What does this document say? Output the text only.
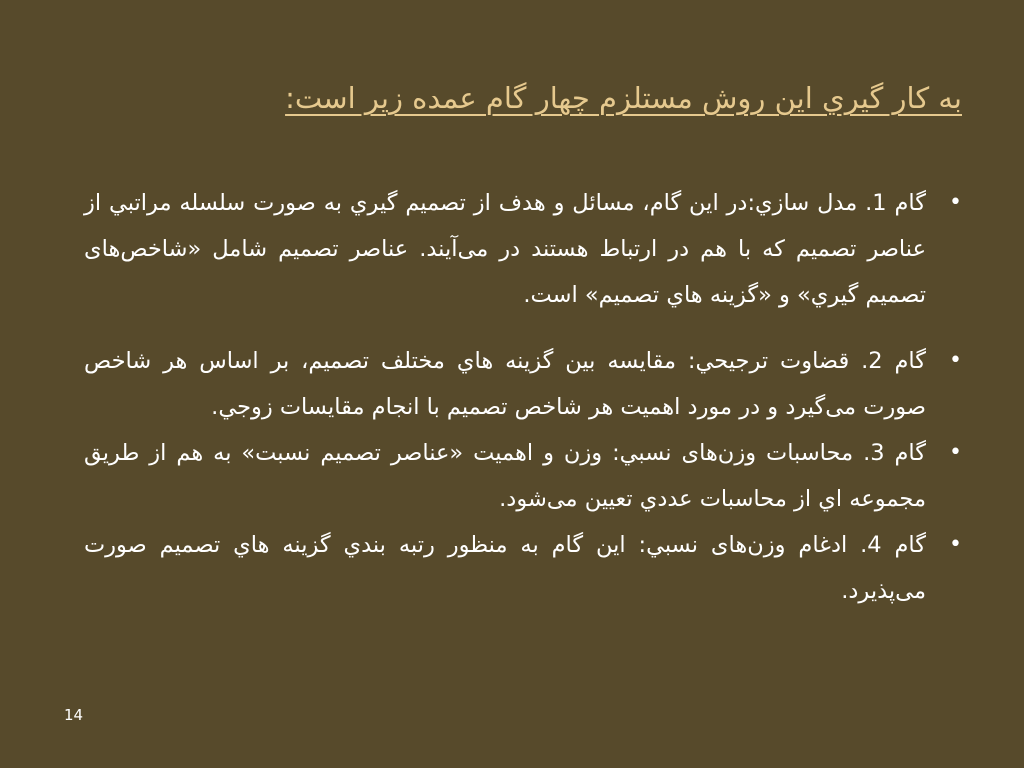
به کار گيري اين روش مستلزم چهار گام عمده زير است:
•
گام 1. مدل سازي:در اين گام، مسائل و هدف از تصميم گيري به صورت سلسله مراتبي از عناصر تصميم كه با هم در ارتباط هستند در می‌آيند. عناصر تصميم شامل «شاخص‌های تصميم گيري» و «گزينه هاي تصميم» است.
•
گام 2. قضاوت ترجيحي: مقايسه بين گزينه هاي مختلف تصميم، بر اساس هر شاخص صورت می‌گيرد و در مورد اهميت هر شاخص تصميم با انجام مقايسات زوجي.
•
گام 3. محاسبات وزن‌های نسبي: وزن و اهميت «عناصر تصميم نسبت» به هم از طريق مجموعه اي از محاسبات عددي تعيين می‌شود.
•
گام 4. ادغام وزن‌های نسبي: اين گام به منظور رتبه بندي گزينه هاي تصميم صورت می‌پذيرد.
14
